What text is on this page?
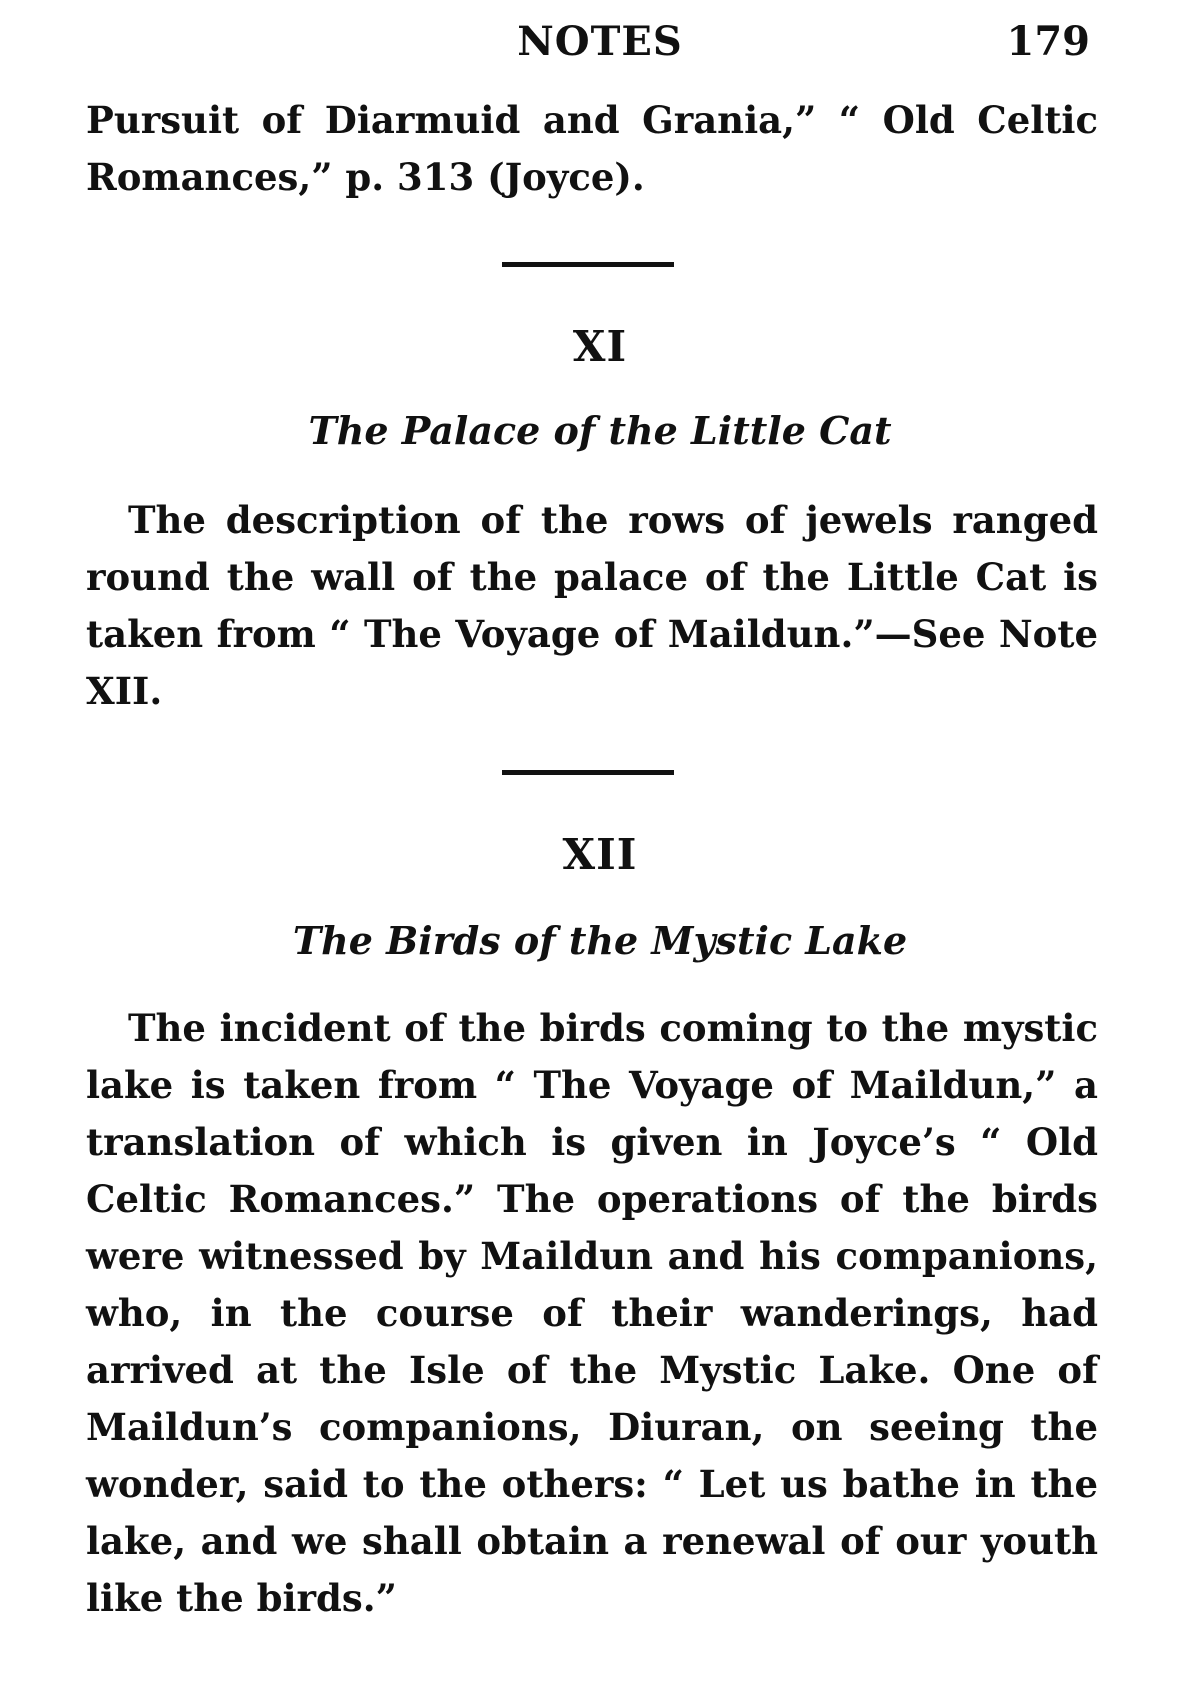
NOTES	179
Pursuit of Diarmuid and Grania,” “ Old Celtic Romances,” p. 313 (Joyce).
XI
The Palace of the Little Cat
The description of the rows of jewels ranged round the wall of the palace of the Little Cat is taken from “ The Voyage of Maildun.”—See Note XII.
XII
The Birds of the Mystic Lake
The incident of the birds coming to the mystic lake is taken from “ The Voyage of Maildun,” a translation of which is given in Joyce’s “ Old Celtic Romances.” The operations of the birds were witnessed by Maildun and his companions, who, in the course of their wanderings, had arrived at the Isle of the Mystic Lake. One of Maildun’s companions, Diuran, on seeing the wonder, said to the others: “ Let us bathe in the lake, and we shall obtain a renewal of our youth like the birds.”
